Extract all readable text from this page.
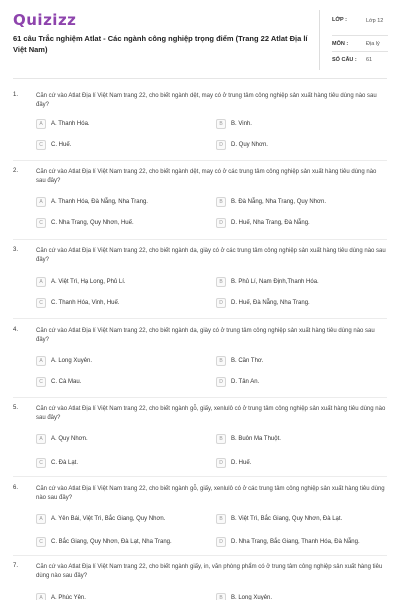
Quizizz
61 câu Trắc nghiệm Atlat - Các ngành công nghiệp trọng điểm (Trang 22 Atlat Địa lí Việt Nam)
LỚP :	Lớp 12
MÔN :	Địa lý
SỐ CÂU : 61
1.	Căn cứ vào Atlat Địa lí Việt Nam trang 22, cho biết ngành dệt, may có ở trung tâm công nghiệp sản xuất hàng tiêu dùng nào sau đây?
A	A. Thanh Hóa.	B	B. Vinh.
C	C. Huế.	D	D. Quy Nhơn.
2.	Căn cứ vào Atlat Địa lí Việt Nam trang 22, cho biết ngành dệt, may có ở các trung tâm công nghiệp sản xuất hàng tiêu dùng nào sau đây?
A	A. Thanh Hóa, Đà Nẵng, Nha Trang.	B	B. Đà Nẵng, Nha Trang, Quy Nhơn.
C	C. Nha Trang, Quy Nhơn, Huế.	D	D. Huế, Nha Trang, Đà Nẵng.
3.	Căn cứ vào Atlat Địa lí Việt Nam trang 22, cho biết ngành da, giày có ở các trung tâm công nghiệp sản xuất hàng tiêu dùng nào sau đây?
A	A. Việt Trì, Hạ Long, Phủ Lí.	B	B. Phủ Lí, Nam Định,Thanh Hóa.
C	C. Thanh Hóa, Vinh, Huế.	D	D. Huế, Đà Nẵng, Nha Trang.
4.	Căn cứ vào Atlat Địa lí Việt Nam trang 22, cho biết ngành da, giày có ở trung tâm công nghiệp sản xuất hàng tiêu dùng nào sau đây?
A	A. Long Xuyên.	B	B. Cần Thơ.
C	C. Cà Mau.	D	D. Tân An.
5.	Căn cứ vào Atlat Địa lí Việt Nam trang 22, cho biết ngành gỗ, giấy, xenlulô có ở trung tâm công nghiệp sản xuất hàng tiêu dùng nào sau đây?
A	A. Quy Nhơn.	B	B. Buôn Ma Thuột.
C	C. Đà Lạt.	D	D. Huế.
6.	Căn cứ vào Atlat Địa lí Việt Nam trang 22, cho biết ngành gỗ, giấy, xenlulô có ở các trung tâm công nghiệp sản xuất hàng tiêu dùng nào sau đây?
A	A. Yên Bái, Việt Trì, Bắc Giang, Quy Nhơn.	B	B. Việt Trì, Bắc Giang, Quy Nhơn, Đà Lạt.
C	C. Bắc Giang, Quy Nhơn, Đà Lạt, Nha Trang.	D	D. Nha Trang, Bắc Giang, Thanh Hóa, Đà Nẵng.
7.	Căn cứ vào Atlat Địa lí Việt Nam trang 22, cho biết ngành giấy, in, văn phòng phẩm có ở trung tâm công nghiệp sản xuất hàng tiêu dùng nào sau đây?
A	A. Phúc Yên.	B	B. Long Xuyên.
